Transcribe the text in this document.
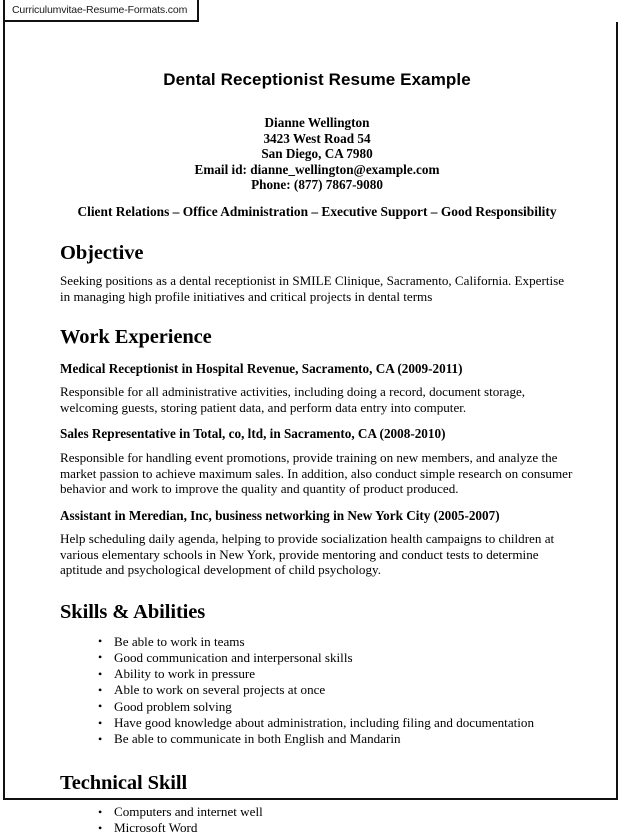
Curriculumvitae-Resume-Formats.com
Dental Receptionist Resume Example
Dianne Wellington
3423 West Road 54
San Diego, CA 7980
Email id: dianne_wellington@example.com
Phone: (877) 7867-9080
Client Relations – Office Administration – Executive Support – Good Responsibility
Objective

Seeking positions as a dental receptionist in SMILE Clinique, Sacramento, California. Expertise in managing high profile initiatives and critical projects in dental terms

Work Experience
Medical Receptionist in Hospital Revenue, Sacramento, CA (2009-2011)

Responsible for all administrative activities, including doing a record, document storage, welcoming guests, storing patient data, and perform data entry into computer.

Sales Representative in Total, co, ltd, in Sacramento, CA (2008-2010)

Responsible for handling event promotions, provide training on new members, and analyze the market passion to achieve maximum sales. In addition, also conduct simple research on consumer behavior and work to improve the quality and quantity of product produced.

Assistant in Meredian, Inc, business networking in New York City (2005-2007)

Help scheduling daily agenda, helping to provide socialization health campaigns to children at various elementary schools in New York, provide mentoring and conduct tests to determine aptitude and psychological development of child psychology.

Skills & Abilities
• Be able to work in teams
• Good communication and interpersonal skills
• Ability to work in pressure
• Able to work on several projects at once
• Good problem solving
• Have good knowledge about administration, including filing and documentation
• Be able to communicate in both English and Mandarin
Technical Skill
• Computers and internet well
• Microsoft Word
